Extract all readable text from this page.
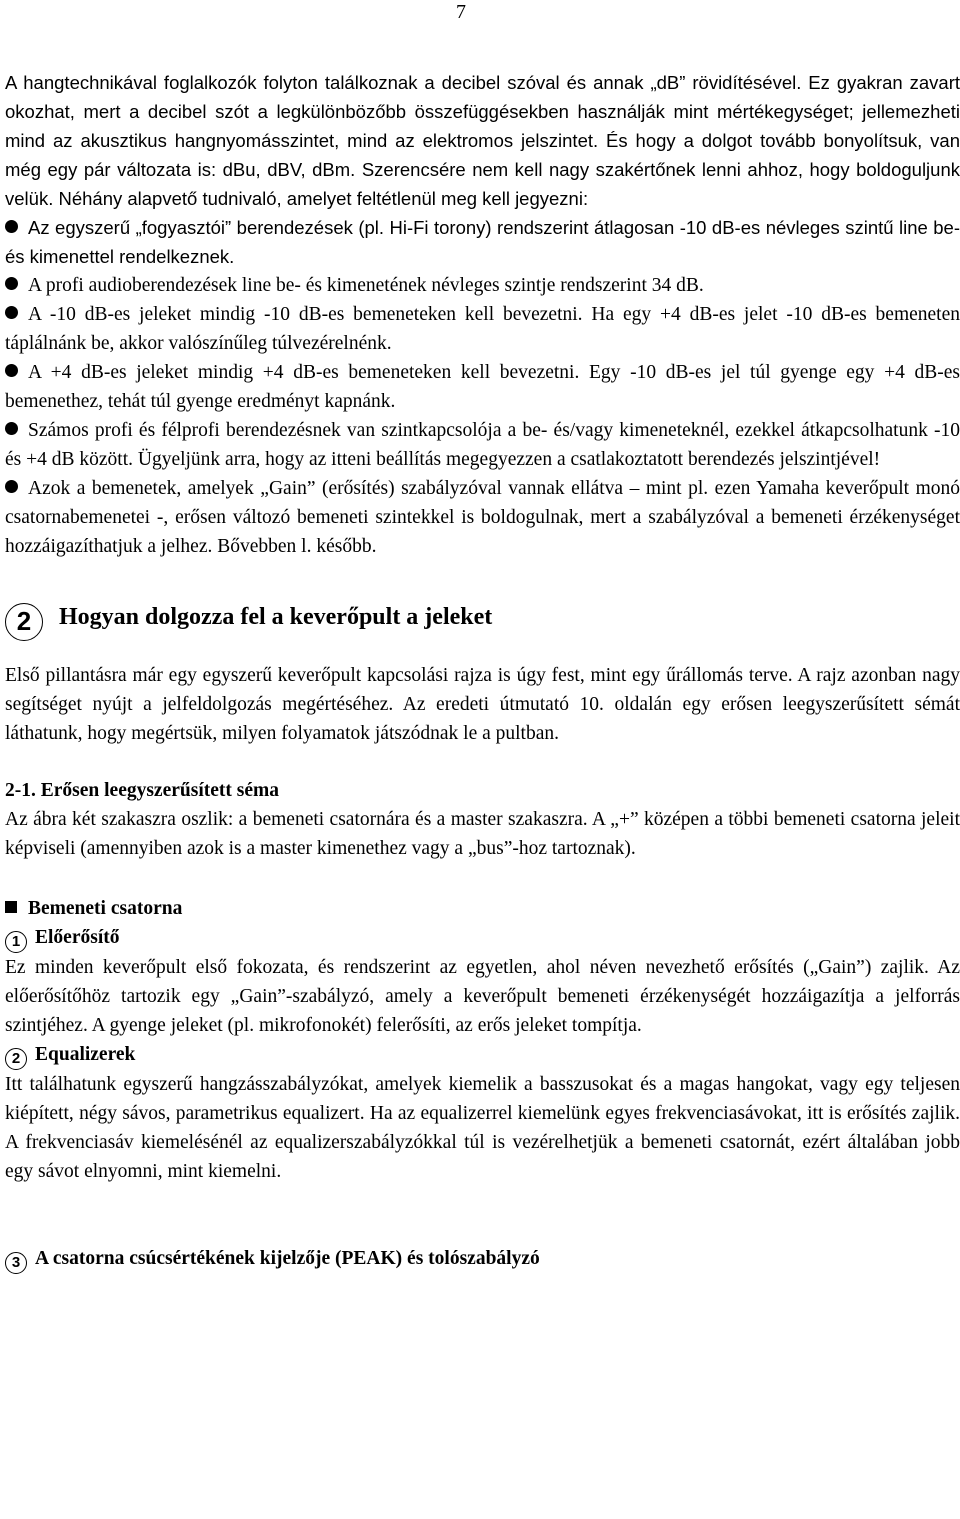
7

A hangtechnikával foglalkozók folyton találkoznak a decibel szóval és annak „dB” rövidítésével. Ez gyakran zavart okozhat, mert a decibel szót a legkülönbözőbb összefüggésekben használják mint mértékegységet; jellemezheti mind az akusztikus hangnyomásszintet, mind az elektromos jelszintet. És hogy a dolgot tovább bonyolítsuk, van még egy pár változata is: dBu, dBV, dBm. Szerencsére nem kell nagy szakértőnek lenni ahhoz, hogy boldoguljunk velük. Néhány alapvető tudnivaló, amelyet feltétlenül meg kell jegyezni:

Az egyszerű „fogyasztói” berendezések (pl. Hi-Fi torony) rendszerint átlagosan -10 dB-es névleges szintű line be- és kimenettel rendelkeznek.

A profi audioberendezések line be- és kimenetének névleges szintje rendszerint 34 dB.

A -10 dB-es jeleket mindig -10 dB-es bemeneteken kell bevezetni. Ha egy +4 dB-es jelet -10 dB-es bemeneten táplálnánk be, akkor valószínűleg túlvezérelnénk.

A +4 dB-es jeleket mindig +4 dB-es bemeneteken kell bevezetni. Egy -10 dB-es jel túl gyenge egy +4 dB-es bemenethez, tehát túl gyenge eredményt kapnánk.

Számos profi és félprofi berendezésnek van szintkapcsolója a be- és/vagy kimeneteknél, ezekkel átkapcsolhatunk -10 és +4 dB között. Ügyeljünk arra, hogy az itteni beállítás megegyezzen a csatlakoztatott berendezés jelszintjével!

Azok a bemenetek, amelyek „Gain” (erősítés) szabályzóval vannak ellátva – mint pl. ezen Yamaha keverőpult monó csatornabemenetei -, erősen változó bemeneti szintekkel is boldogulnak, mert a szabályzóval a bemeneti érzékenységet hozzáigazíthatjuk a jelhez. Bővebben l. később.

2 Hogyan dolgozza fel a keverőpult a jeleket

Első pillantásra már egy egyszerű keverőpult kapcsolási rajza is úgy fest, mint egy űrállomás terve. A rajz azonban nagy segítséget nyújt a jelfeldolgozás megértéséhez. Az eredeti útmutató 10. oldalán egy erősen leegyszerűsített sémát láthatunk, hogy megértsük, milyen folyamatok játszódnak le a pultban.

2-1. Erősen leegyszerűsített séma

Az ábra két szakaszra oszlik: a bemeneti csatornára és a master szakaszra. A „+” középen a többi bemeneti csatorna jeleit képviseli (amennyiben azok is a master kimenethez vagy a „bus”-hoz tartoznak).

Bemeneti csatorna

1 Előerősítő

Ez minden keverőpult első fokozata, és rendszerint az egyetlen, ahol néven nevezhető erősítés („Gain”) zajlik. Az előerősítőhöz tartozik egy „Gain”-szabályzó, amely a keverőpult bemeneti érzékenységét hozzáigazítja a jelforrás szintjéhez. A gyenge jeleket (pl. mikrofonokét) felerősíti, az erős jeleket tompítja.

2 Equalizerek

Itt találhatunk egyszerű hangzásszabályzókat, amelyek kiemelik a basszusokat és a magas hangokat, vagy egy teljesen kiépített, négy sávos, parametrikus equalizert. Ha az equalizerrel kiemelünk egyes frekvenciasávokat, itt is erősítés zajlik. A frekvenciasáv kiemelésénél az equalizerszabályzókkal túl is vezérelhetjük a bemeneti csatornát, ezért általában jobb egy sávot elnyomni, mint kiemelni.

3 A csatorna csúcsértékének kijelzője (PEAK) és tolószabályzó
